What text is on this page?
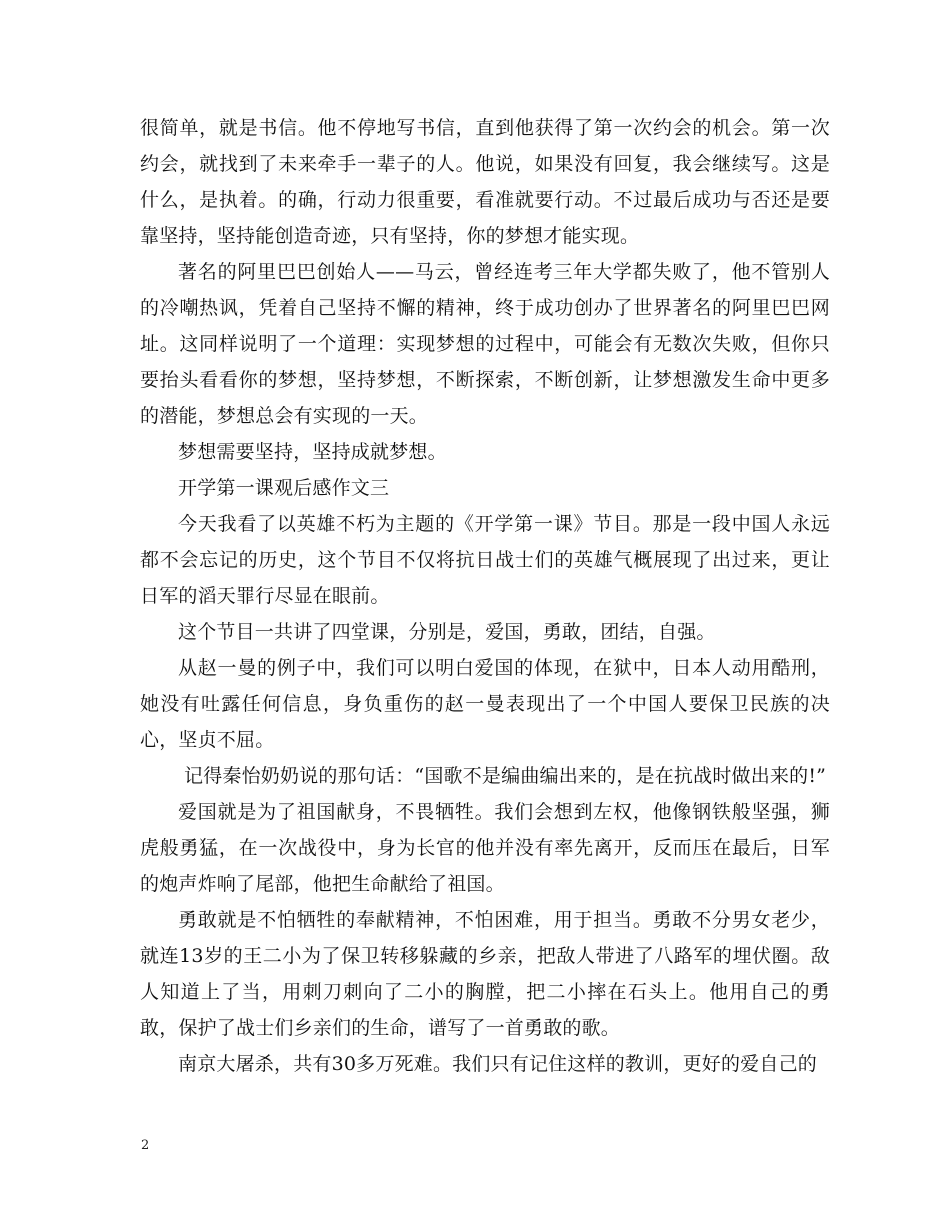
很简单，就是书信。他不停地写书信，直到他获得了第一次约会的机会。第一次约会，就找到了未来牵手一辈子的人。他说，如果没有回复，我会继续写。这是什么，是执着。的确，行动力很重要，看准就要行动。不过最后成功与否还是要靠坚持，坚持能创造奇迹，只有坚持，你的梦想才能实现。

著名的阿里巴巴创始人——马云，曾经连考三年大学都失败了，他不管别人的冷嘲热讽，凭着自己坚持不懈的精神，终于成功创办了世界著名的阿里巴巴网址。这同样说明了一个道理：实现梦想的过程中，可能会有无数次失败，但你只要抬头看看你的梦想，坚持梦想，不断探索，不断创新，让梦想激发生命中更多的潜能，梦想总会有实现的一天。

梦想需要坚持，坚持成就梦想。

开学第一课观后感作文三

今天我看了以英雄不朽为主题的《开学第一课》节目。那是一段中国人永远都不会忘记的历史，这个节目不仅将抗日战士们的英雄气概展现了出过来，更让日军的滔天罪行尽显在眼前。

这个节目一共讲了四堂课，分别是，爱国，勇敢，团结，自强。

从赵一曼的例子中，我们可以明白爱国的体现，在狱中，日本人动用酷刑，她没有吐露任何信息，身负重伤的赵一曼表现出了一个中国人要保卫民族的决心，坚贞不屈。

记得秦怡奶奶说的那句话：“国歌不是编曲编出来的，是在抗战时做出来的!”

爱国就是为了祖国献身，不畏牺牲。我们会想到左权，他像钢铁般坚强，狮虎般勇猛，在一次战役中，身为长官的他并没有率先离开，反而压在最后，日军的炮声炸响了尾部，他把生命献给了祖国。

勇敢就是不怕牺牲的奉献精神，不怕困难，用于担当。勇敢不分男女老少，就连13岁的王二小为了保卫转移躲藏的乡亲，把敌人带进了八路军的埋伏圈。敌人知道上了当，用刺刀刺向了二小的胸膛，把二小摔在石头上。他用自己的勇敢，保护了战士们乡亲们的生命，谱写了一首勇敢的歌。

南京大屠杀，共有30多万死难。我们只有记住这样的教训，更好的爱自己的

2
